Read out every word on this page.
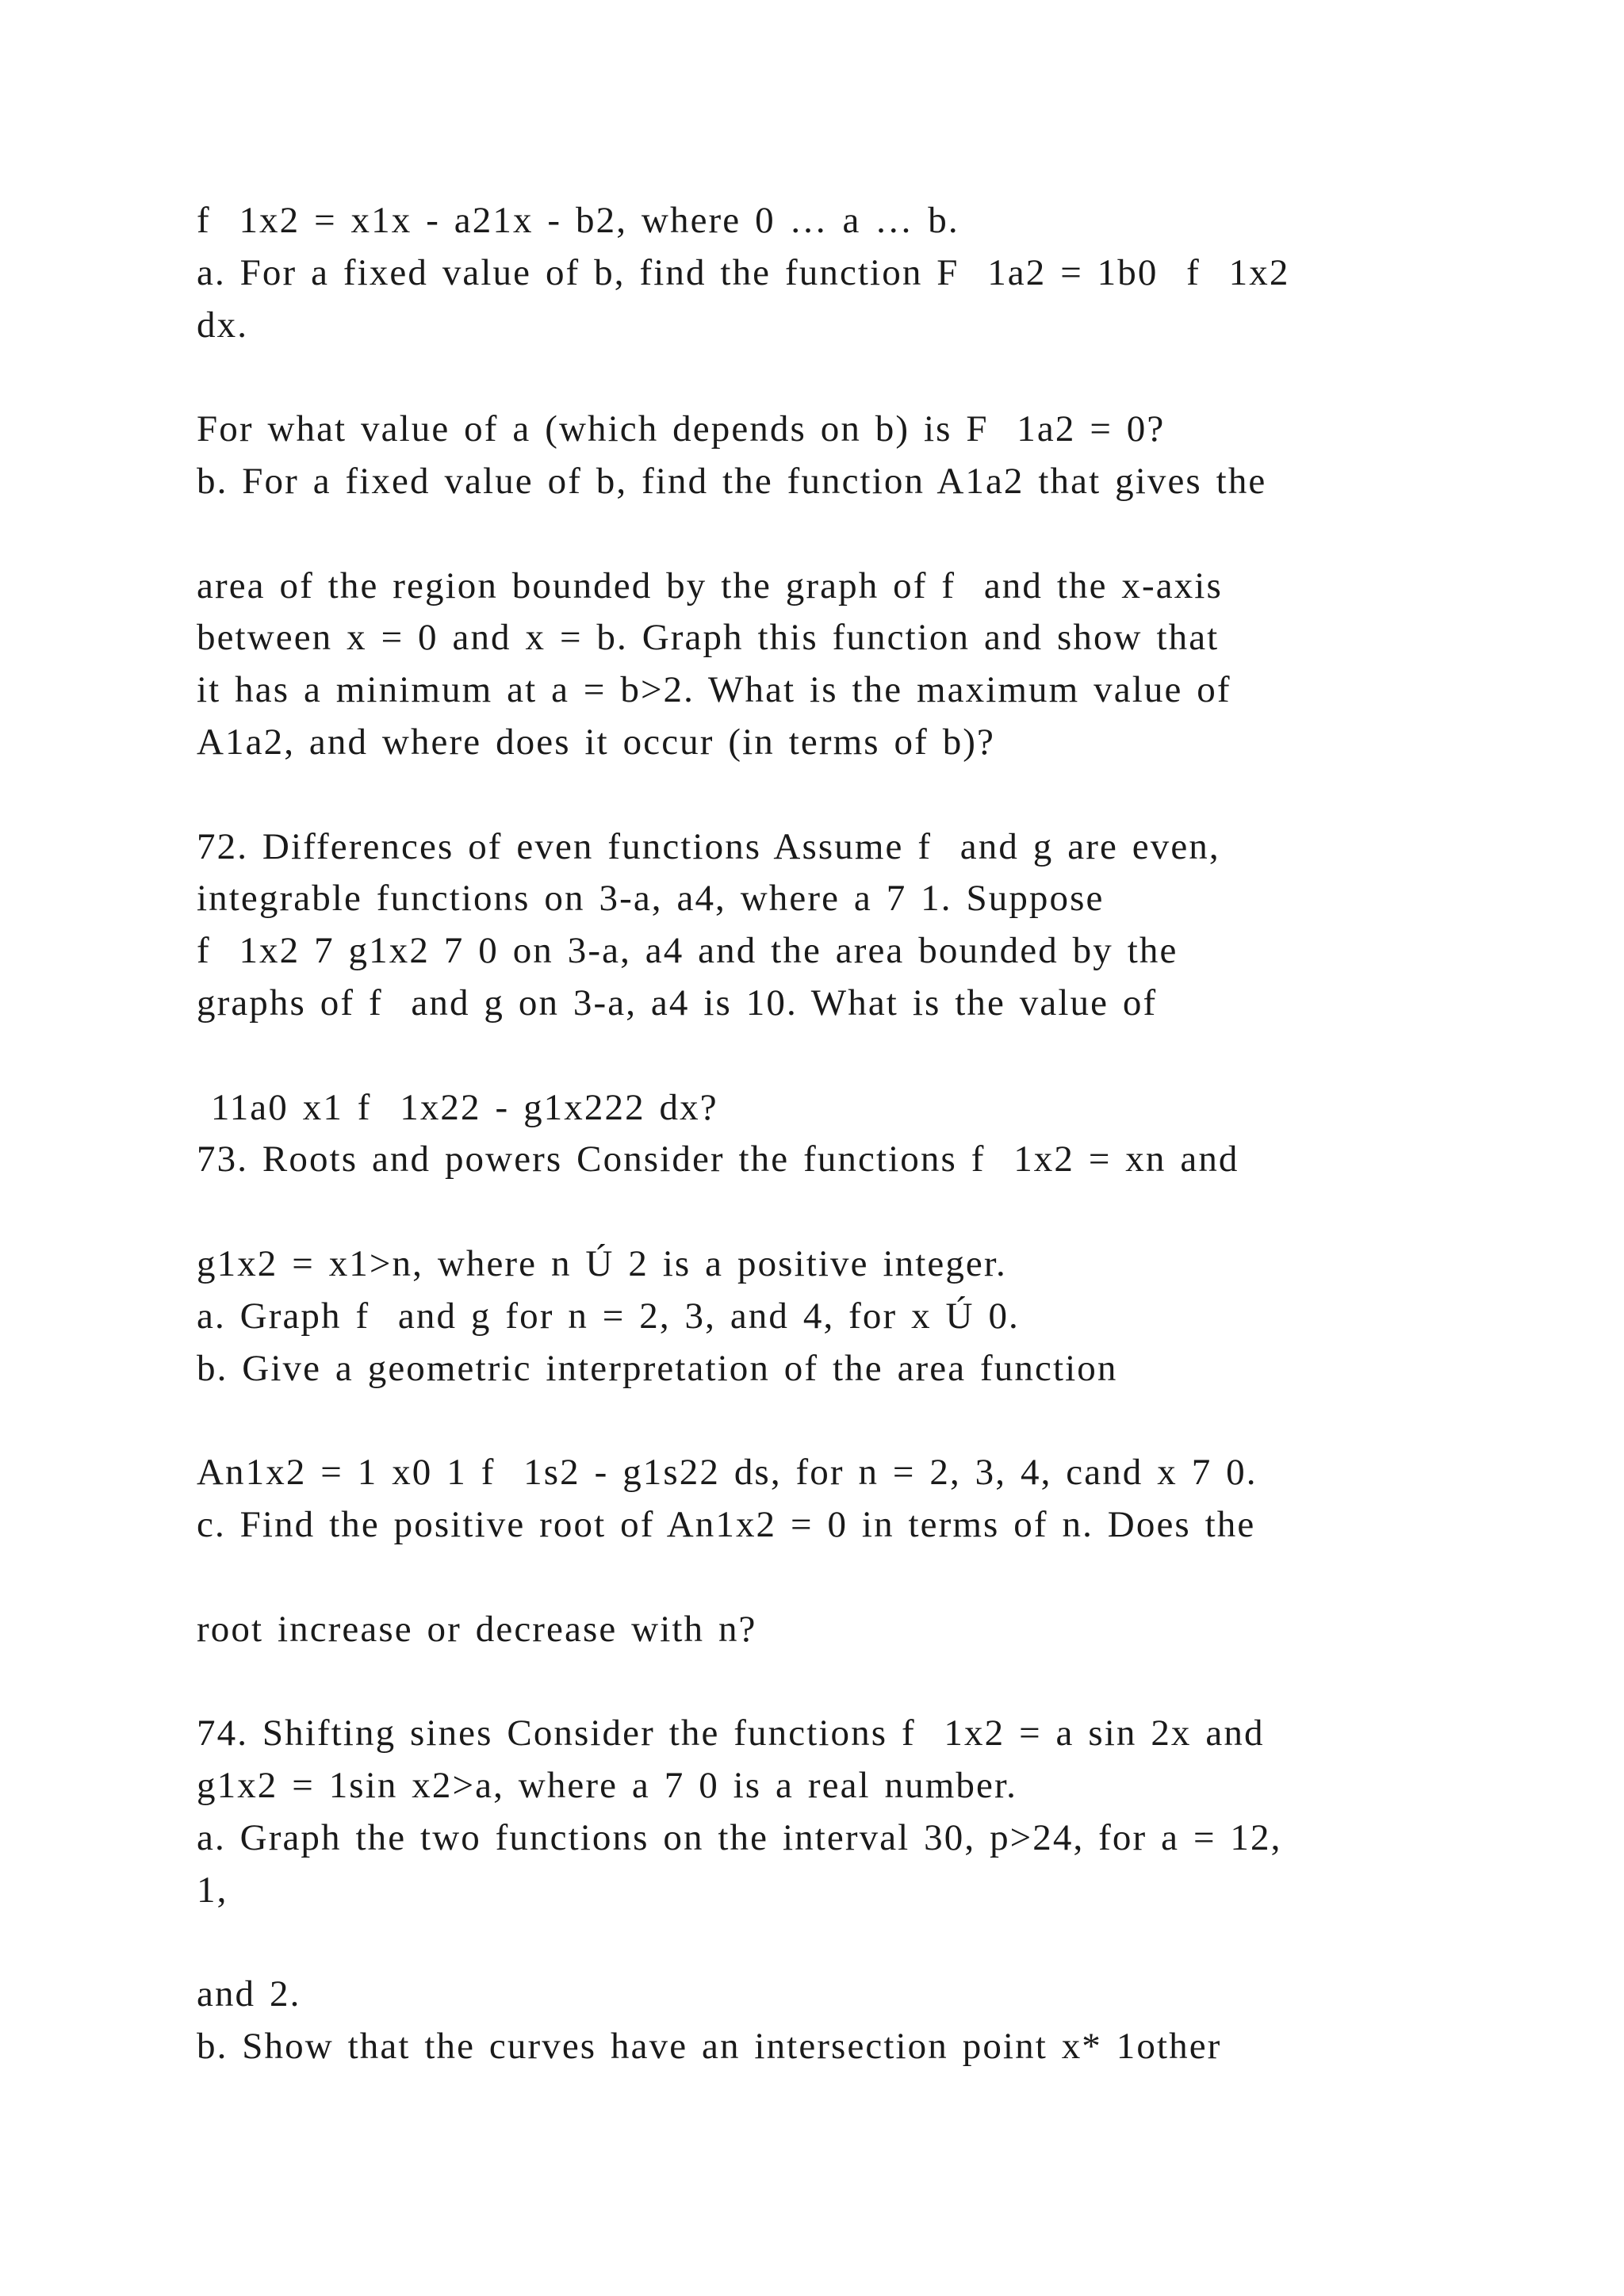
f  1x2 = x1x - a21x - b2, where 0 … a … b.
a. For a fixed value of b, find the function F  1a2 = 1b0  f  1x2
dx.
For what value of a (which depends on b) is F  1a2 = 0?
b. For a fixed value of b, find the function A1a2 that gives the
area of the region bounded by the graph of f  and the x-axis
between x = 0 and x = b. Graph this function and show that
it has a minimum at a = b>2. What is the maximum value of
A1a2, and where does it occur (in terms of b)?
72. Differences of even functions Assume f  and g are even,
integrable functions on 3-a, a4, where a 7 1. Suppose
f  1x2 7 g1x2 7 0 on 3-a, a4 and the area bounded by the
graphs of f  and g on 3-a, a4 is 10. What is the value of
11a0 x1 f  1x22 - g1x222 dx?
73. Roots and powers Consider the functions f  1x2 = xn and
g1x2 = x1>n, where n Ú 2 is a positive integer.
a. Graph f  and g for n = 2, 3, and 4, for x Ú 0.
b. Give a geometric interpretation of the area function
An1x2 = 1 x0 1 f  1s2 - g1s22 ds, for n = 2, 3, 4, cand x 7 0.
c. Find the positive root of An1x2 = 0 in terms of n. Does the
root increase or decrease with n?
74. Shifting sines Consider the functions f  1x2 = a sin 2x and
g1x2 = 1sin x2>a, where a 7 0 is a real number.
a. Graph the two functions on the interval 30, p>24, for a = 12,
1,
and 2.
b. Show that the curves have an intersection point x* 1other
